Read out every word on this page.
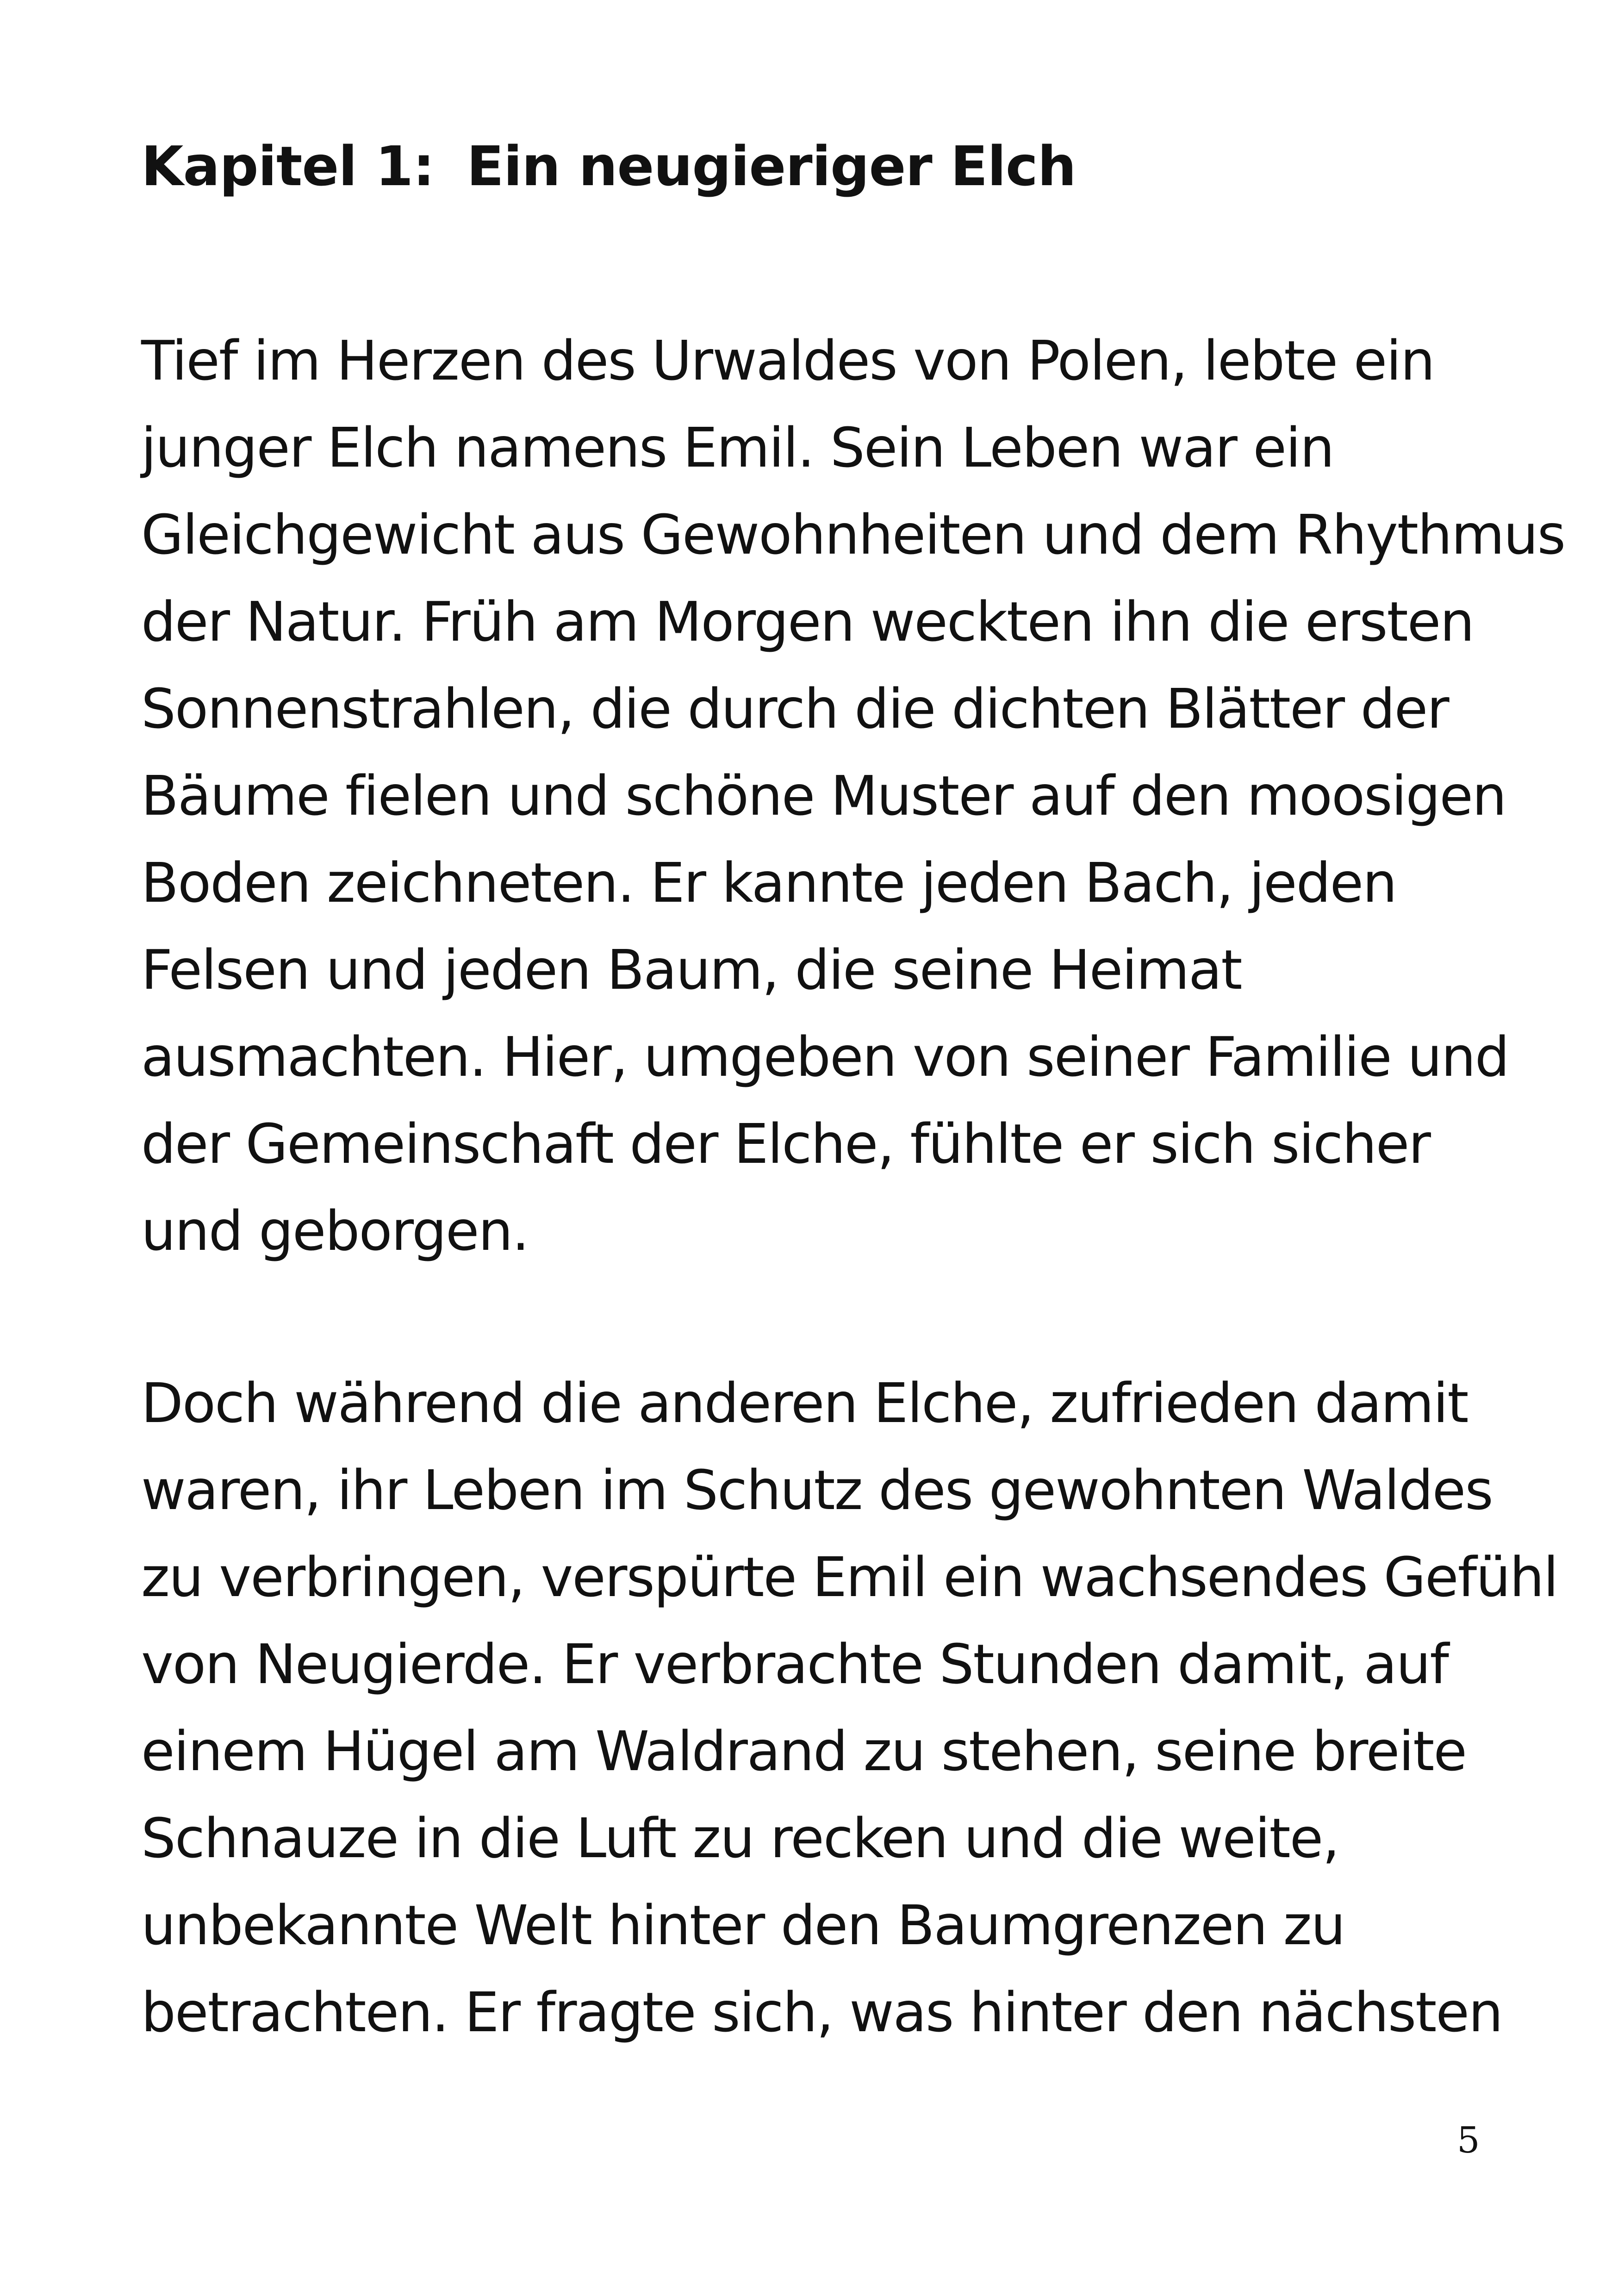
Kapitel 1: Ein neugieriger Elch
Tief im Herzen des Urwaldes von Polen, lebte ein
junger Elch namens Emil. Sein Leben war ein
Gleichgewicht aus Gewohnheiten und dem Rhythmus
der Natur. Früh am Morgen weckten ihn die ersten
Sonnenstrahlen, die durch die dichten Blätter der
Bäume fielen und schöne Muster auf den moosigen
Boden zeichneten. Er kannte jeden Bach, jeden
Felsen und jeden Baum, die seine Heimat
ausmachten. Hier, umgeben von seiner Familie und
der Gemeinschaft der Elche, fühlte er sich sicher
und geborgen.
Doch während die anderen Elche, zufrieden damit
waren, ihr Leben im Schutz des gewohnten Waldes
zu verbringen, verspürte Emil ein wachsendes Gefühl
von Neugierde. Er verbrachte Stunden damit, auf
einem Hügel am Waldrand zu stehen, seine breite
Schnauze in die Luft zu recken und die weite,
unbekannte Welt hinter den Baumgrenzen zu
betrachten. Er fragte sich, was hinter den nächsten
5
